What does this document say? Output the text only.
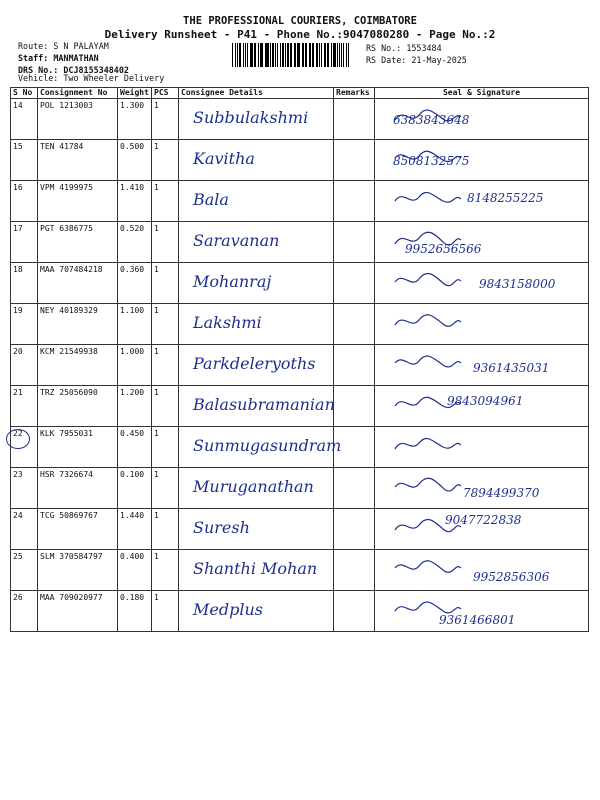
THE PROFESSIONAL COURIERS, COIMBATORE
Delivery Runsheet - P41 - Phone No.:9047080280 - Page No.:2
Route: S N PALAYAM
Staff: MANMATHAN
DRS No.: DCJ8155348402
Vehicle: Two Wheeler Delivery
RS No.: 1553484
RS Date: 21-May-2025
S No	Consignment No	Weight	PCS	Consignee Details	Remarks	Seal & Signature
14	POL 1213003	1.300	1	Subbulakshmi		6383843648

15	TEN 41784	0.500	1	Kavitha		8508132575

16	VPM 4199975	1.410	1	Bala		8148255225

17	PGT 6386775	0.520	1	Saravanan		9952656566

18	MAA 707484218	0.360	1	Mohanraj		9843158000

19	NEY 40189329	1.100	1	Lakshmi		

20	KCM 21549938	1.000	1	Parkdeleryoths		9361435031

21	TRZ 25056090	1.200	1	Balasubramanian		9843094961

22	KLK 7955031	0.450	1	Sunmugasundram		

23	HSR 7326674	0.100	1	Muruganathan		7894499370

24	TCG 50869767	1.440	1	Suresh		9047722838

25	SLM 370584797	0.400	1	Shanthi Mohan		9952856306

26	MAA 709020977	0.180	1	Medplus		9361466801
